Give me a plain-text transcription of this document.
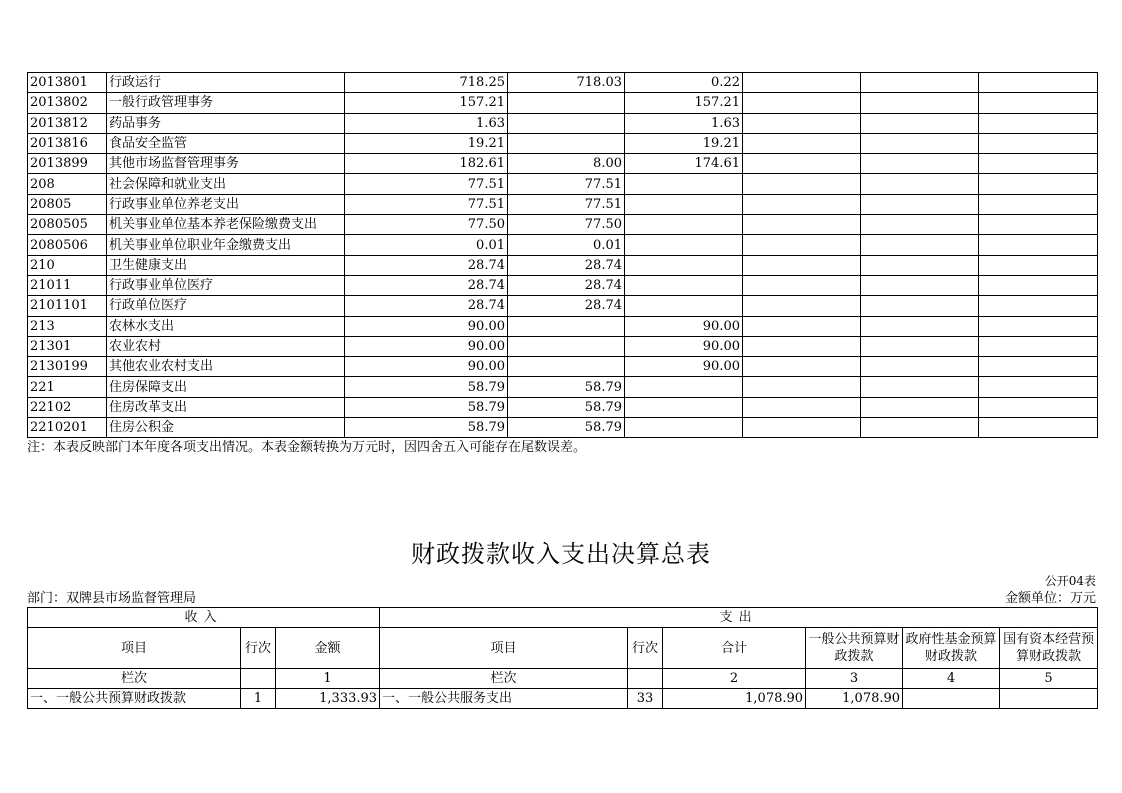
2013801	行政运行	718.25	718.03	0.22			
2013802	一般行政管理事务	157.21		157.21			
2013812	药品事务	1.63		1.63			
2013816	食品安全监管	19.21		19.21			
2013899	其他市场监督管理事务	182.61	8.00	174.61			
208	社会保障和就业支出	77.51	77.51				
20805	行政事业单位养老支出	77.51	77.51				
2080505	机关事业单位基本养老保险缴费支出	77.50	77.50				
2080506	机关事业单位职业年金缴费支出	0.01	0.01				
210	卫生健康支出	28.74	28.74				
21011	行政事业单位医疗	28.74	28.74				
2101101	行政单位医疗	28.74	28.74				
213	农林水支出	90.00		90.00			
21301	农业农村	90.00		90.00			
2130199	其他农业农村支出	90.00		90.00			
221	住房保障支出	58.79	58.79				
22102	住房改革支出	58.79	58.79				
2210201	住房公积金	58.79	58.79				
注：本表反映部门本年度各项支出情况。本表金额转换为万元时，因四舍五入可能存在尾数误差。
财政拨款收入支出决算总表
公开04表
部门：双牌县市场监督管理局	金额单位：万元
收入			支出					
项目	行次	金额	项目	行次	合计	一般公共预算财政拨款	政府性基金预算财政拨款	国有资本经营预算财政拨款
栏次		1	栏次		2	3	4	5
一、一般公共预算财政拨款	1	1,333.93	一、一般公共服务支出	33	1,078.90	1,078.90		
